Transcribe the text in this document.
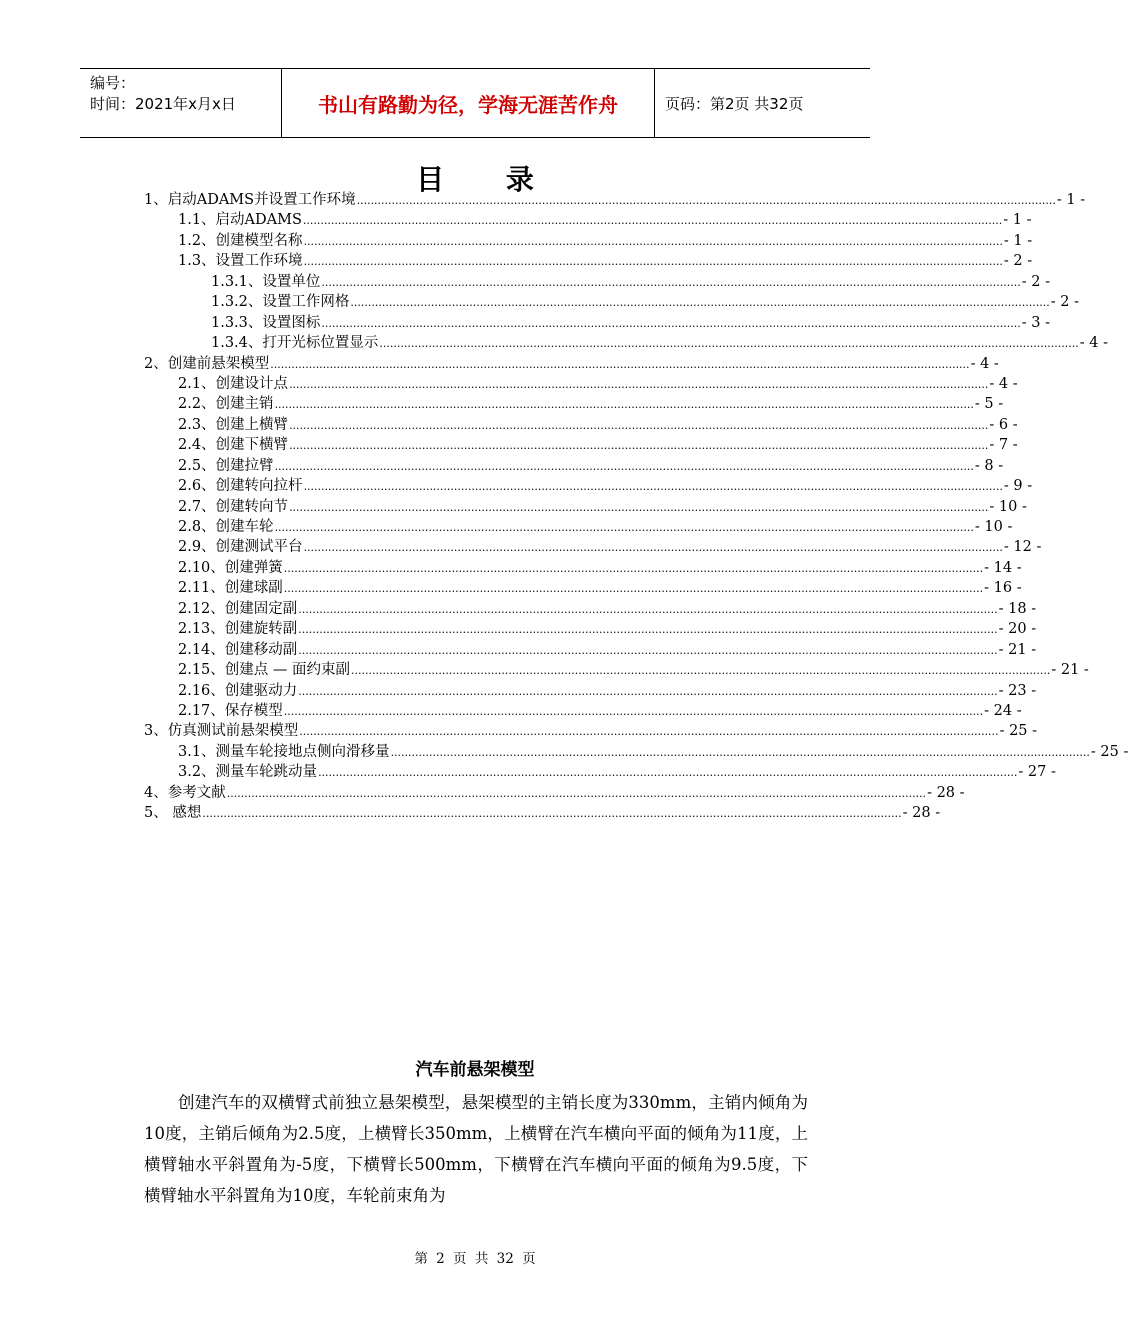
编号：
时间：2021年x月x日	书山有路勤为径，学海无涯苦作舟	页码：第2页 共32页
目 录
1、启动ADAMS并设置工作环境 ........................................................................................................................................................................................................ - 1 -
1.1、启动ADAMS ........................................................................................................................................................................................................ - 1 -
1.2、创建模型名称 ........................................................................................................................................................................................................ - 1 -
1.3、设置工作环境 ........................................................................................................................................................................................................ - 2 -
1.3.1、设置单位 ........................................................................................................................................................................................................ - 2 -
1.3.2、设置工作网格 ........................................................................................................................................................................................................ - 2 -
1.3.3、设置图标 ........................................................................................................................................................................................................ - 3 -
1.3.4、打开光标位置显示 ........................................................................................................................................................................................................ - 4 -
2、创建前悬架模型 ........................................................................................................................................................................................................ - 4 -
2.1、创建设计点 ........................................................................................................................................................................................................ - 4 -
2.2、创建主销 ........................................................................................................................................................................................................ - 5 -
2.3、创建上横臂 ........................................................................................................................................................................................................ - 6 -
2.4、创建下横臂 ........................................................................................................................................................................................................ - 7 -
2.5、创建拉臂 ........................................................................................................................................................................................................ - 8 -
2.6、创建转向拉杆 ........................................................................................................................................................................................................ - 9 -
2.7、创建转向节 ........................................................................................................................................................................................................ - 10 -
2.8、创建车轮 ........................................................................................................................................................................................................ - 10 -
2.9、创建测试平台 ........................................................................................................................................................................................................ - 12 -
2.10、创建弹簧 ........................................................................................................................................................................................................ - 14 -
2.11、创建球副 ........................................................................................................................................................................................................ - 16 -
2.12、创建固定副 ........................................................................................................................................................................................................ - 18 -
2.13、创建旋转副 ........................................................................................................................................................................................................ - 20 -
2.14、创建移动副 ........................................................................................................................................................................................................ - 21 -
2.15、创建点 — 面约束副 ........................................................................................................................................................................................................ - 21 -
2.16、创建驱动力 ........................................................................................................................................................................................................ - 23 -
2.17、保存模型 ........................................................................................................................................................................................................ - 24 -
3、仿真测试前悬架模型 ........................................................................................................................................................................................................ - 25 -
3.1、测量车轮接地点侧向滑移量 ........................................................................................................................................................................................................ - 25 -
3.2、测量车轮跳动量 ........................................................................................................................................................................................................ - 27 -
4、参考文献 ........................................................................................................................................................................................................ - 28 -
5、 感想 ........................................................................................................................................................................................................ - 28 -
汽车前悬架模型

创建汽车的双横臂式前独立悬架模型，悬架模型的主销长度为330mm，主销内倾角为10度，主销后倾角为2.5度，上横臂长350mm，上横臂在汽车横向平面的倾角为11度，上横臂轴水平斜置角为-5度，下横臂长500mm，下横臂在汽车横向平面的倾角为9.5度，下横臂轴水平斜置角为10度，车轮前束角为

第 2 页 共 32 页
